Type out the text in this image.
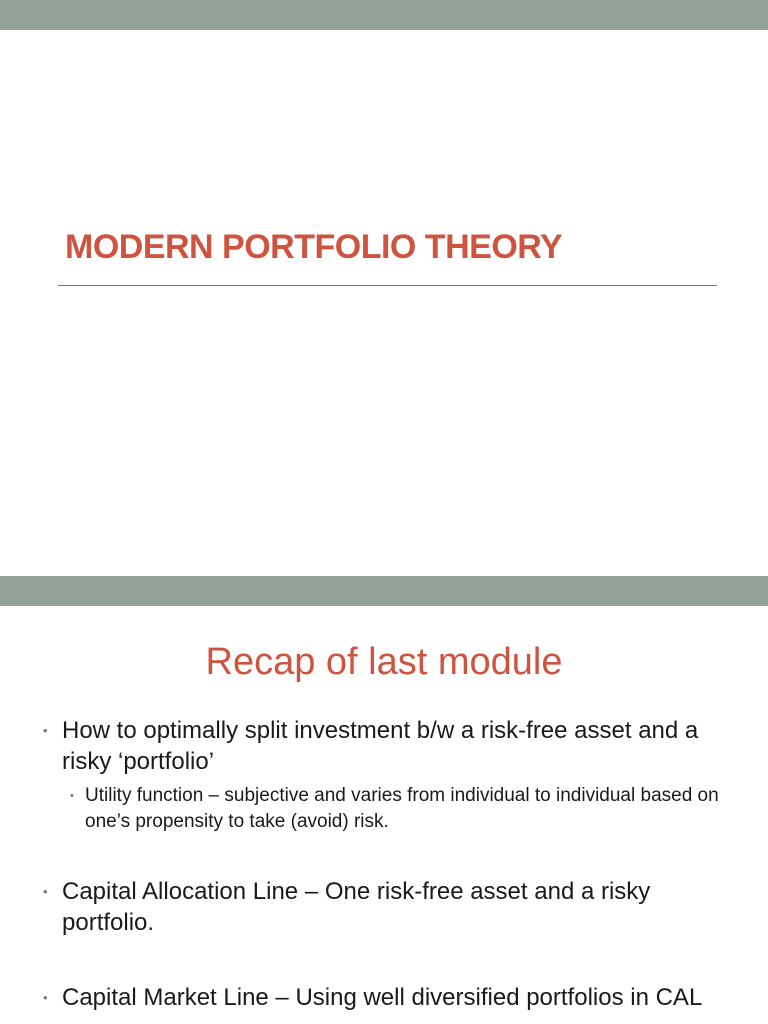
MODERN PORTFOLIO THEORY
Recap of last module
• How to optimally split investment b/w a risk-free asset and a risky ‘portfolio’
• Utility function – subjective and varies from individual to individual based on one’s propensity to take (avoid) risk.
• Capital Allocation Line – One risk-free asset and a risky portfolio.
• Capital Market Line – Using well diversified portfolios in CAL
